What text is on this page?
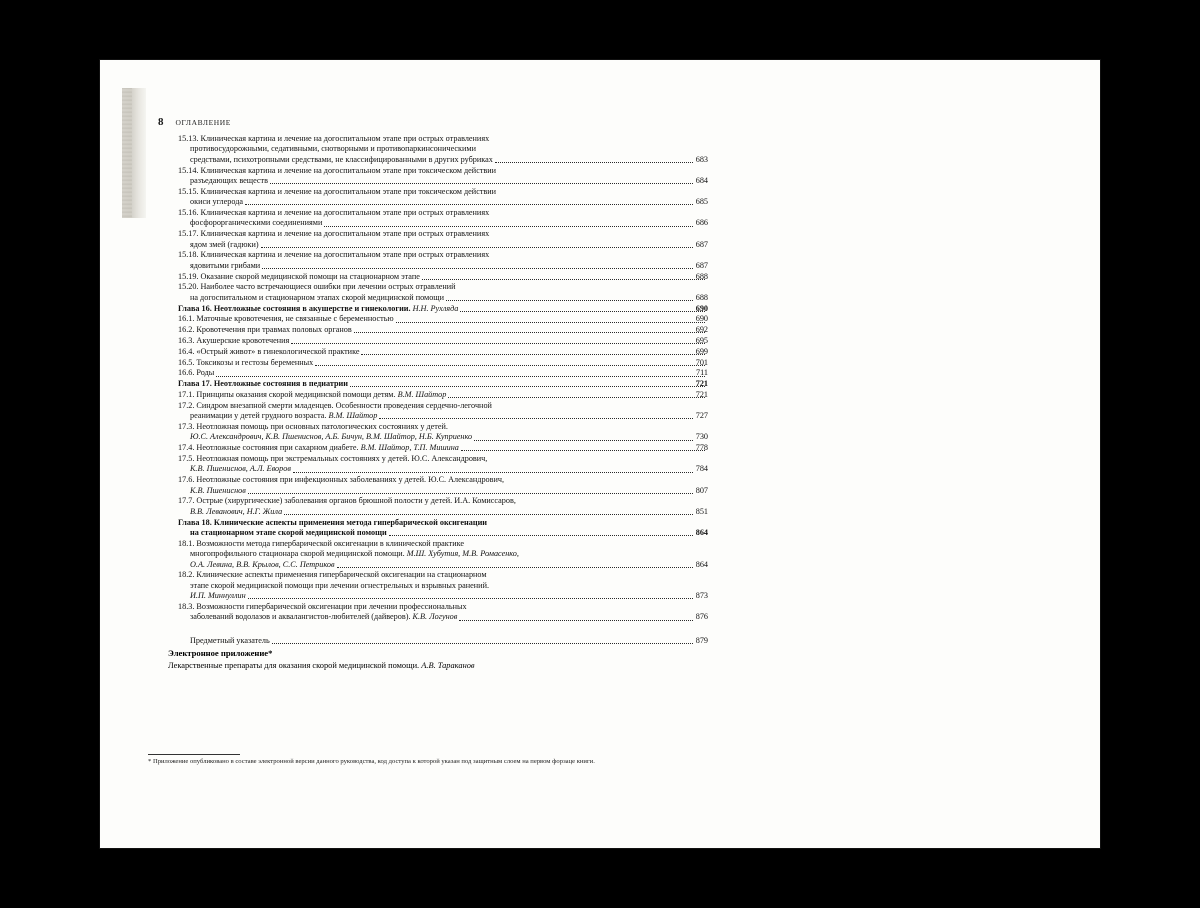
8 ОГЛАВЛЕНИЕ
15.13. Клиническая картина и лечение на догоспитальном этапе при острых отравлениях
противосудорожными, седативными, снотворными и противопаркинсоническими
средствами, психотропными средствами, не классифицированными в других рубриках	683
15.14. Клиническая картина и лечение на догоспитальном этапе при токсическом действии
разъедающих веществ	684
15.15. Клиническая картина и лечение на догоспитальном этапе при токсическом действии
окиси углерода	685
15.16. Клиническая картина и лечение на догоспитальном этапе при острых отравлениях
фосфорорганическими соединениями	686
15.17. Клиническая картина и лечение на догоспитальном этапе при острых отравлениях
ядом змей (гадюки)	687
15.18. Клиническая картина и лечение на догоспитальном этапе при острых отравлениях
ядовитыми грибами	687
15.19. Оказание скорой медицинской помощи на стационарном этапе	688
15.20. Наиболее часто встречающиеся ошибки при лечении острых отравлений
на догоспитальном и стационарном этапах скорой медицинской помощи	688
Глава 16. Неотложные состояния в акушерстве и гинекологии. Н.Н. Рухляда	690
16.1. Маточные кровотечения, не связанные с беременностью	690
16.2. Кровотечения при травмах половых органов	692
16.3. Акушерские кровотечения	695
16.4. «Острый живот» в гинекологической практике	699
16.5. Токсикозы и гестозы беременных	701
16.6. Роды	711
Глава 17. Неотложные состояния в педиатрии	721
17.1. Принципы оказания скорой медицинской помощи детям. В.М. Шайтор	721
17.2. Синдром внезапной смерти младенцев. Особенности проведения сердечно-легочной
реанимации у детей грудного возраста. В.М. Шайтор	727
17.3. Неотложная помощь при основных патологических состояниях у детей.
Ю.С. Александрович, К.В. Пшениснов, А.Б. Бичун, В.М. Шайтор, Н.Б. Куприенко	730
17.4. Неотложные состояния при сахарном диабете. В.М. Шайтор, Т.П. Мишина	778
17.5. Неотложная помощь при экстремальных состояниях у детей. Ю.С. Александрович,
К.В. Пшениснов, А.Л. Еворов	784
17.6. Неотложные состояния при инфекционных заболеваниях у детей. Ю.С. Александрович,
К.В. Пшениснов	807
17.7. Острые (хирургические) заболевания органов брюшной полости у детей. И.А. Комиссаров,
В.В. Леванович, Н.Г. Жила	851
Глава 18. Клинические аспекты применения метода гипербарической оксигенации
на стационарном этапе скорой медицинской помощи	864
18.1. Возможности метода гипербарической оксигенации в клинической практике
многопрофильного стационара скорой медицинской помощи. М.Ш. Хубутия, М.В. Ромасенко,
О.А. Левина, В.В. Крылов, С.С. Петриков	864
18.2. Клинические аспекты применения гипербарической оксигенации на стационарном
этапе скорой медицинской помощи при лечении огнестрельных и взрывных ранений.
И.П. Миннуллин	873
18.3. Возможности гипербарической оксигенации при лечении профессиональных
заболеваний водолазов и аквалангистов-любителей (дайверов). К.В. Логунов	876
Предметный указатель	879
Электронное приложение*
Лекарственные препараты для оказания скорой медицинской помощи. А.В. Тараканов
* Приложение опубликовано в составе электронной версии данного руководства, код доступа к которой указан под защитным слоем на первом форзаце книги.
